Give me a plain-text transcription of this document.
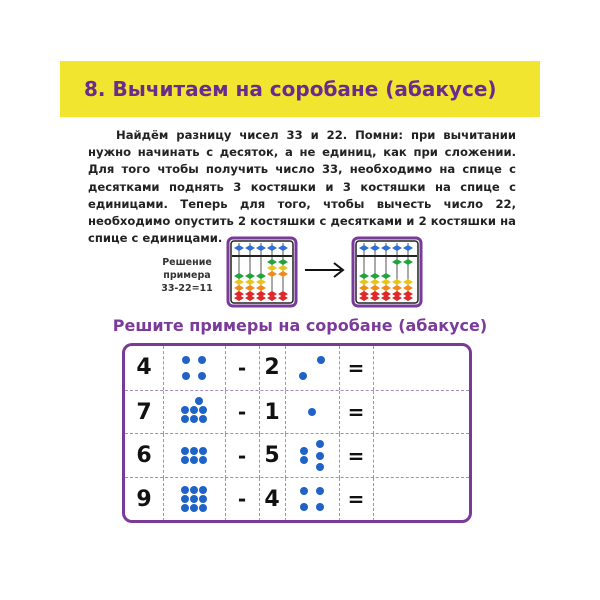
8. Вычитаем на соробане (абакусе)
Найдём разницу чисел 33 и 22. Помни: при вычитании нужно начинать с десяток, а не единиц, как при сложении. Для того чтобы получить число 33, необходимо на спице с десятками поднять 3 костяшки и 3 костяшки на спице с единицами. Теперь для того, чтобы вычесть число 22, необходимо опустить 2 костяшки с десятками и 2 костяшки на спице с единицами.
Решение
примера
33-22=11
Решите примеры на соробане (абакусе)
4	- 2	=
7	- 1	=
6	- 5	=
9	- 4	=
